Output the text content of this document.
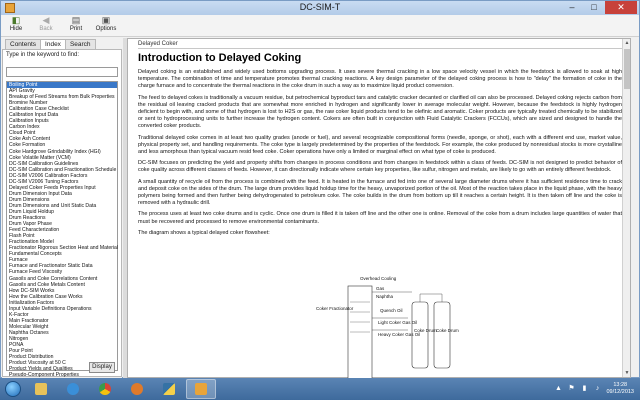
DC-SIM-T	–	□	✕
◧
Hide
◀
Back
▤
Print
▣
Options
Contents	Index	Search
Type in the keyword to find:
Boiling Point
API Gravity
Breakup of Feed Streams from Bulk Properties
Bromine Number
Calibration Case Checklist
Calibration Input Data
Calibration Inputs
Carbon Index
Cloud Point
Coke Ash Content
Coke Formation
Coke Hardgrove Grindability Index (HGI)
Coke Volatile Matter (VCM)
DC-SIM Calibration Guidelines
DC-SIM Calibration and Fractionation Schedule
DC-SIM V2006 Calibration Factors
DC-SIM V2006 Tuning Factors
Delayed Coker Feeds Properties Input
Drum Dimension Input Data
Drum Dimensions
Drum Dimensions and Unit Static Data
Drum Liquid Holdup
Drum Reactions
Drum Vapor Phase
Feed Characterization
Flash Point
Fractionation Model
Fractionator Rigorous Section Heat and Material
Fundamental Concepts
Furnace
Furnace and Fractionator Static Data
Furnace Feed Viscosity
Gasoils and Coke Correlations Content
Gasoils and Coke Metals Content
How DC-SIM Works
How the Calibration Case Works
Initialization Factors
Input Variable Definitions Operations
K-Factor
Main Fractionator
Molecular Weight
Naphtha Octanes
Nitrogen
PONA
Pour Point
Product Distribution
Product Viscosity at 50 C
Product Yields and Qualities
Pseudo-Component Properties
Display
Delayed Coker
Introduction to Delayed Coking
Delayed coking is an established and widely used bottoms upgrading process. It uses severe thermal cracking in a low space velocity vessel in which the feedstock is allowed to soak at high temperature. The combination of time and temperature promotes thermal cracking reactions. A key design parameter of the delayed coking process is how to "delay" the formation of coke in the charge furnace and to concentrate the thermal reactions in the coke drum in such a way as to maximize liquid product conversion.
The feed to delayed cokes is traditionally a vacuum residue, but petrochemical byproduct tars and catalytic cracker decanted or clarified oil can also be processed. Delayed coking rejects carbon from the residual oil leaving cracked products that are somewhat more enriched in hydrogen and significantly lower in average molecular weight. However, because the feedstock is highly hydrogen deficient to begin with, and some of that hydrogen is lost to H2S or gas, the raw coker liquid products tend to be olefinic and aromatic. Coker products are typically treated chemically to be stabilized or sent to hydroprocessing units to further increase the hydrogen content. Cokers are often built in conjunction with Fluid Catalytic Crackers (FCCUs), which are sized and designed to handle the converted coker products.
Traditional delayed coke comes in at least two quality grades (anode or fuel), and several recognizable compositional forms (needle, sponge, or shot), each with a different end use, market value, physical property set, and handling requirements. The coke type is largely predetermined by the properties of the feedstock. For example, the coke produced by nonresidual stocks is more crystalline and less amorphous than typical vacuum resid feed coke. Coker operations have only a limited or marginal effect on what type of coke is produced.
DC-SIM focuses on predicting the yield and property shifts from changes in process conditions and from changes in feedstock within a class of feeds. DC-SIM is not designed to predict behavior of coke quality across different classes of feeds. However, it can directionally indicate where certain key properties, like sulfur, nitrogen and metals, are likely to go with an entirely different feedstock.
A small quantity of recycle oil from the process is combined with the feed. It is heated in the furnace and fed into one of several large diameter drums where it has sufficient residence time to crack and deposit coke on the sides of the drum. The large drum provides liquid holdup time for the heavy, unvaporized portion of the oil. Most of the reaction takes place in the liquid phase, with the heavy polymers being formed and then further being dehydrogenated to petroleum coke. The coke builds in the drum from bottom up till it reaches a certain height. It is then taken off line and the coke is removed with a hydraulic drill.
The process uses at least two coke drums and is cyclic. Once one drum is filled it is taken off line and the other one is online. Removal of the coke from a drum includes large quantities of water that must be recovered and processed to remove environmental contaminants.
The diagram shows a typical delayed coker flowsheet:
Overhead Cooling
Coker Fractionator
Coke Drum Coke Drum
Light Coker Gas Oil
Heavy Coker Gas Oil
Quench Oil
Gas
Naphtha
▲
▼
▲ ⚑ ▮	♪	13:28
09/12/2013
